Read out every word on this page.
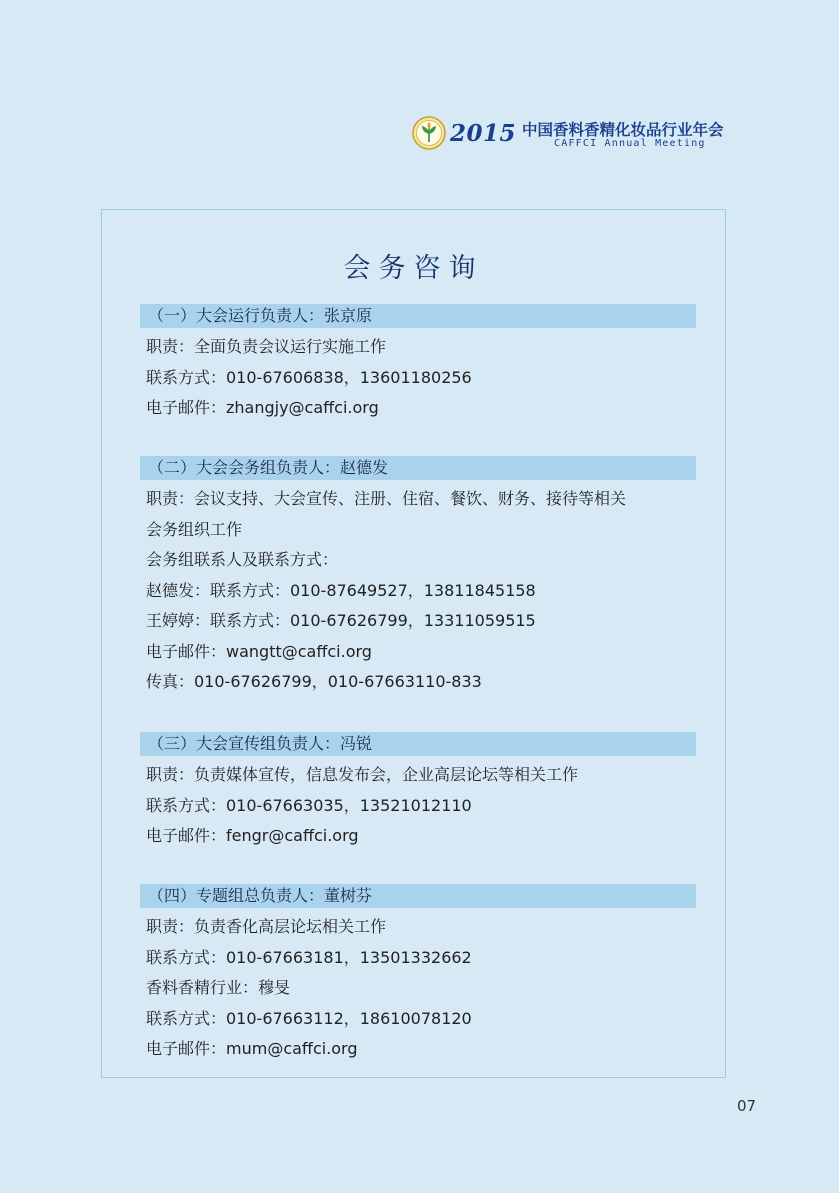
2015 中国香料香精化妆品行业年会
CAFFCI Annual Meeting
会务咨询
（一）大会运行负责人：张京原
职责：全面负责会议运行实施工作
联系方式：010-67606838，13601180256
电子邮件：zhangjy@caffci.org
（二）大会会务组负责人：赵德发
职责：会议支持、大会宣传、注册、住宿、餐饮、财务、接待等相关
会务组织工作
会务组联系人及联系方式：
赵德发：联系方式：010-87649527，13811845158
王婷婷：联系方式：010-67626799，13311059515
电子邮件：wangtt@caffci.org
传真：010-67626799，010-67663110-833
（三）大会宣传组负责人：冯锐
职责：负责媒体宣传，信息发布会，企业高层论坛等相关工作
联系方式：010-67663035，13521012110
电子邮件：fengr@caffci.org
（四）专题组总负责人：董树芬
职责：负责香化高层论坛相关工作
联系方式：010-67663181，13501332662
香料香精行业：穆旻
联系方式：010-67663112，18610078120
电子邮件：mum@caffci.org
07
